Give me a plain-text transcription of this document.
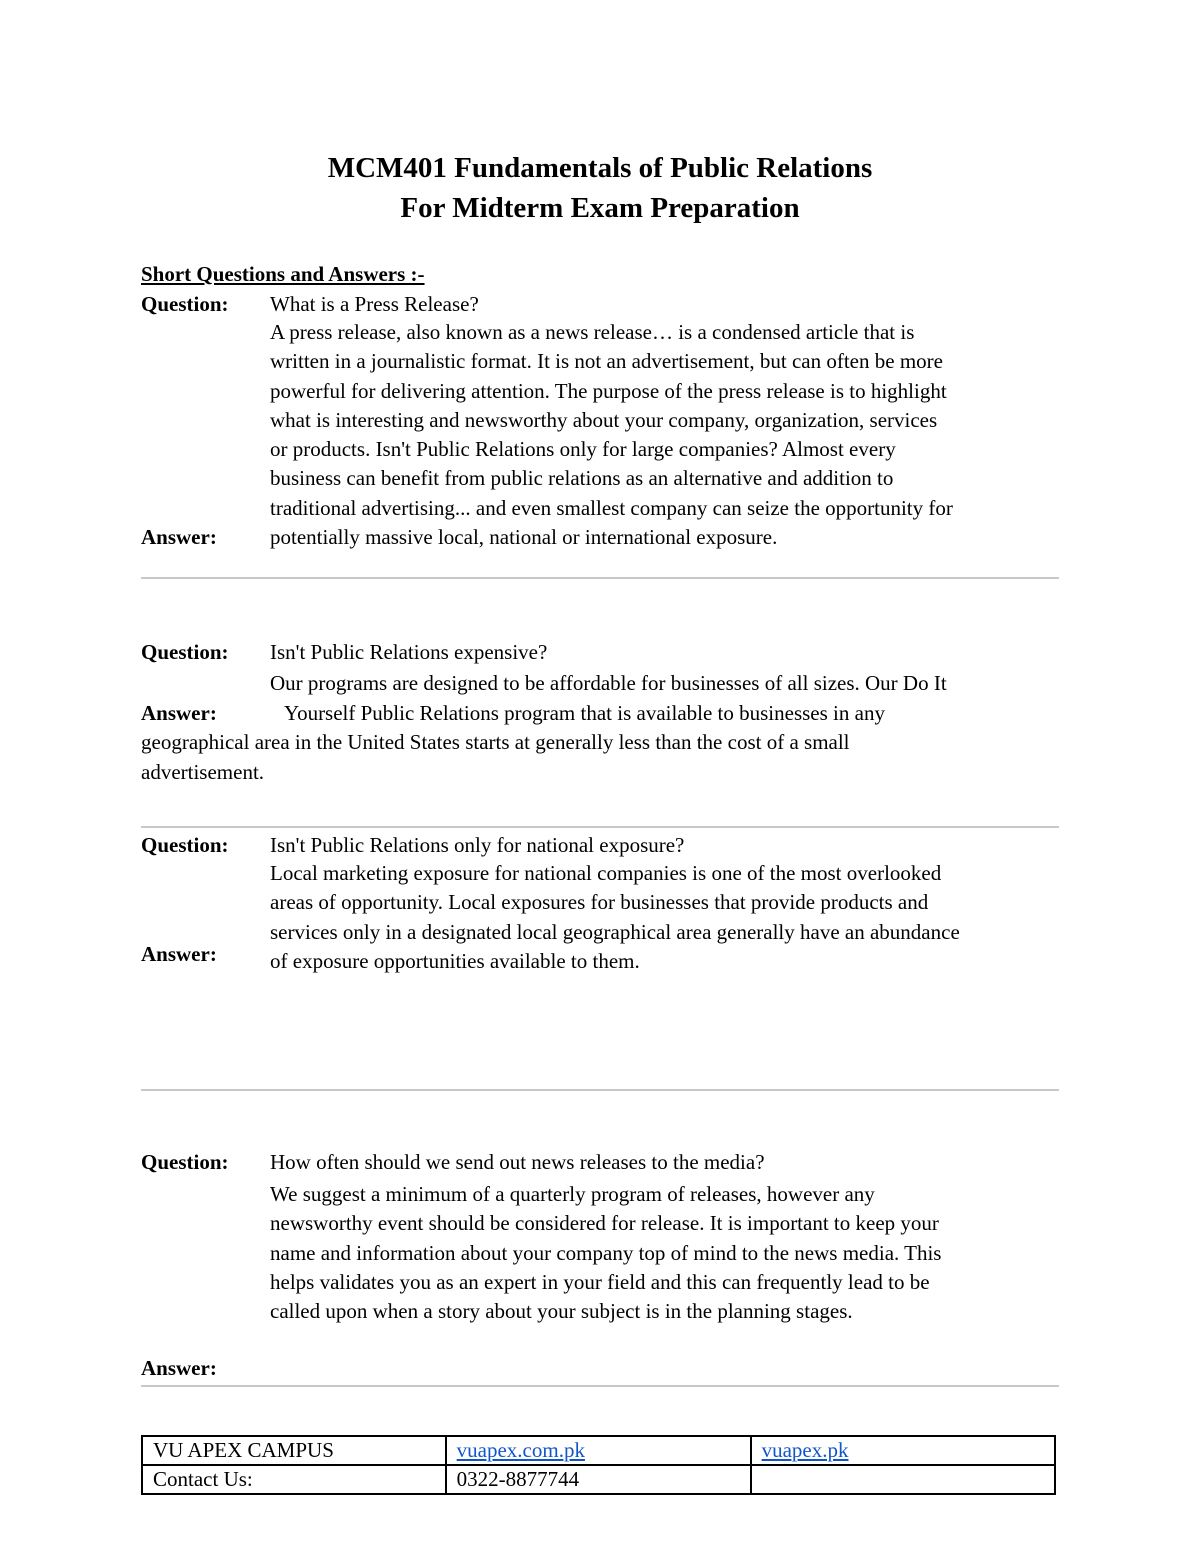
MCM401 Fundamentals of Public Relations
For Midterm Exam Preparation
Short Questions and Answers :-
Question: What is a Press Release?
A press release, also known as a news release… is a condensed article that is
written in a journalistic format. It is not an advertisement, but can often be more
powerful for delivering attention. The purpose of the press release is to highlight
what is interesting and newsworthy about your company, organization, services
or products. Isn't Public Relations only for large companies? Almost every
business can benefit from public relations as an alternative and addition to
traditional advertising... and even smallest company can seize the opportunity for
potentially massive local, national or international exposure.
Answer:
Question: Isn't Public Relations expensive?
Our programs are designed to be affordable for businesses of all sizes. Our Do It
Answer:	Yourself Public Relations program that is available to businesses in any
geographical area in the United States starts at generally less than the cost of a small
advertisement.
Question: Isn't Public Relations only for national exposure?
Local marketing exposure for national companies is one of the most overlooked
areas of opportunity. Local exposures for businesses that provide products and
services only in a designated local geographical area generally have an abundance
of exposure opportunities available to them.
Answer:
Question: How often should we send out news releases to the media?
We suggest a minimum of a quarterly program of releases, however any
newsworthy event should be considered for release. It is important to keep your
name and information about your company top of mind to the news media. This
helps validates you as an expert in your field and this can frequently lead to be
called upon when a story about your subject is in the planning stages.
Answer:
VU APEX CAMPUS	vuapex.com.pk	vuapex.pk
Contact Us:	0322-8877744	
